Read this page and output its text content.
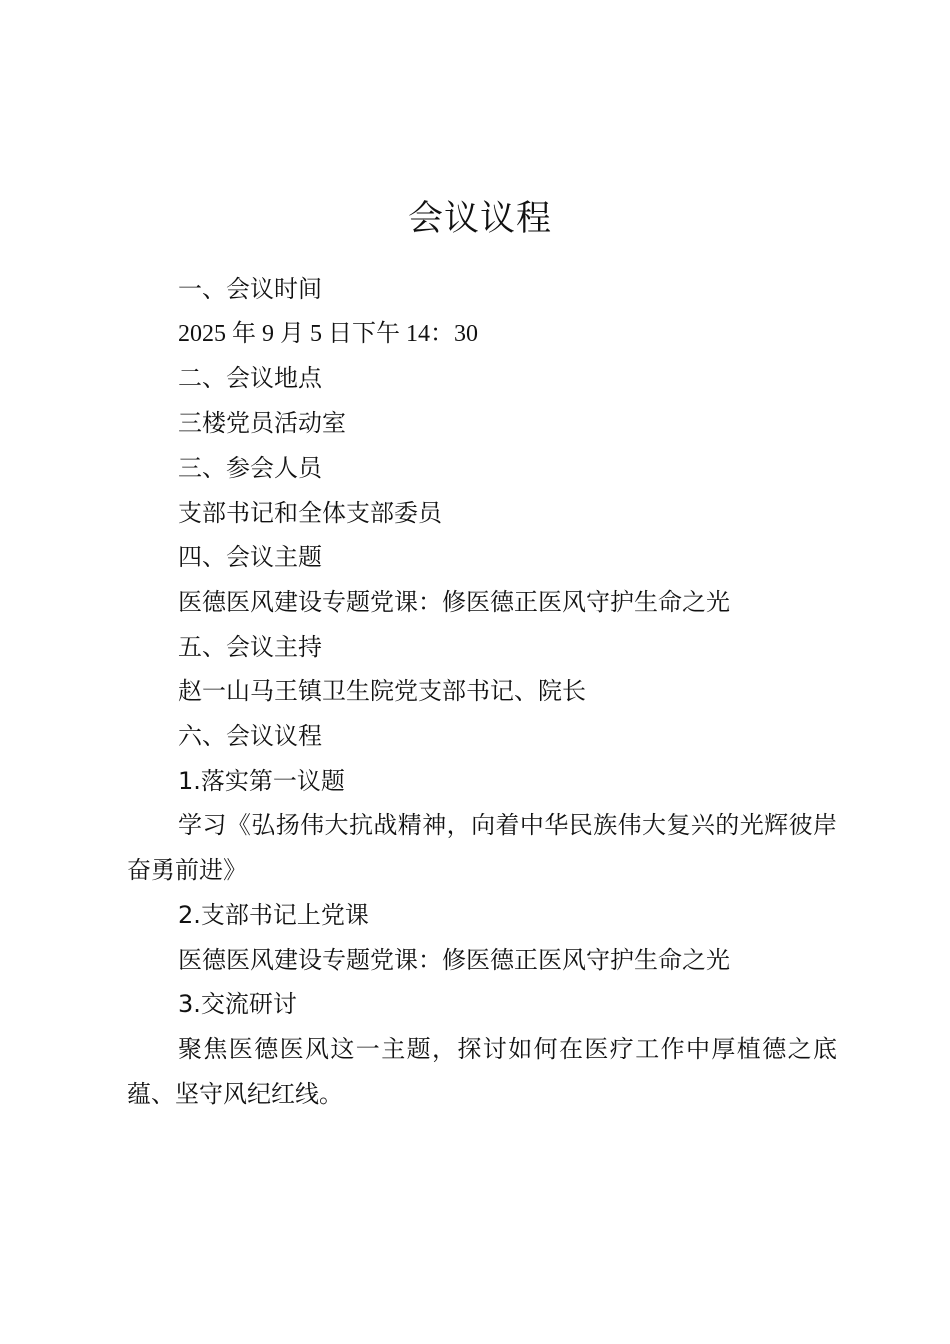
会议议程

一、会议时间

2025 年 9 月 5 日下午 14：30

二、会议地点

三楼党员活动室

三、参会人员

支部书记和全体支部委员

四、会议主题

医德医风建设专题党课：修医德正医风守护生命之光

五、会议主持

赵一山马王镇卫生院党支部书记、院长

六、会议议程

1.落实第一议题

学习《弘扬伟大抗战精神，向着中华民族伟大复兴的光辉彼岸奋勇前进》

2.支部书记上党课

医德医风建设专题党课：修医德正医风守护生命之光

3.交流研讨

聚焦医德医风这一主题，探讨如何在医疗工作中厚植德之底蕴、坚守风纪红线。
